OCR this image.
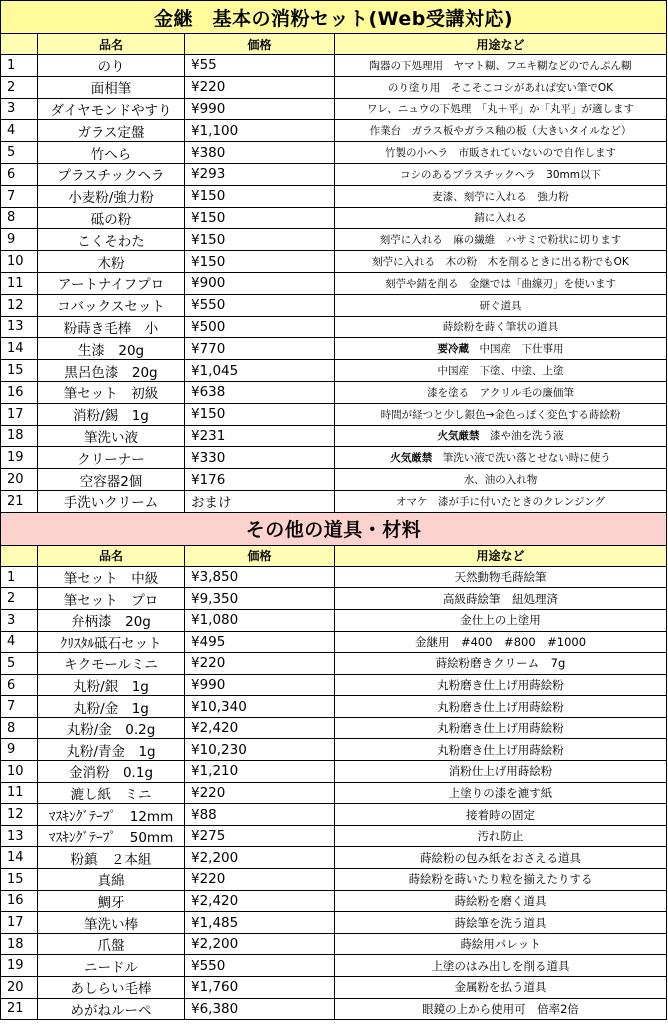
金継　基本の消粉セット(Web受講対応)			
	品名	価格	用途など
1	のり	¥55	陶器の下処理用　ヤマト糊、フエキ糊などのでんぷん糊
2	面相筆	¥220	のり塗り用　そこそこコシがあれば安い筆でOK
3	ダイヤモンドやすり	¥990	ワレ、ニュウの下処理　「丸＋平」か「丸平」が適します
4	ガラス定盤	¥1,100	作業台　ガラス板やガラス釉の板（大きいタイルなど）
5	竹へら	¥380	竹製の小ヘラ　市販されていないので自作します
6	プラスチックヘラ	¥293	コシのあるプラスチックヘラ　30mm以下
7	小麦粉/強力粉	¥150	麦漆、刻苧に入れる　強力粉
8	砥の粉	¥150	錆に入れる
9	こくそわた	¥150	刻苧に入れる　麻の繊維　ハサミで粉状に切ります
10	木粉	¥150	刻苧に入れる　木の粉　木を削るときに出る粉でもOK
11	アートナイフプロ	¥900	刻苧や錆を削る　金継では「曲線刃」を使います
12	コバックスセット	¥550	研ぐ道具
13	粉蒔き毛棒　小	¥500	蒔絵粉を蒔く筆状の道具
14	生漆　20g	¥770	要冷蔵　中国産　下仕事用
15	黒呂色漆　20g	¥1,045	中国産　下塗、中塗、上塗
16	筆セット　初級	¥638	漆を塗る　アクリル毛の廉価筆
17	消粉/錫　1g	¥150	時間が経つと少し銀色→金色っぽく変色する蒔絵粉
18	筆洗い液	¥231	火気厳禁　漆や油を洗う液
19	クリーナー	¥330	火気厳禁　筆洗い液で洗い落とせない時に使う
20	空容器2個	¥176	水、油の入れ物
21	手洗いクリーム	おまけ	オマケ　漆が手に付いたときのクレンジング
その他の道具・材料			
	品名	価格	用途など
1	筆セット　中級	¥3,850	天然動物毛蒔絵筆
2	筆セット　プロ	¥9,350	高級蒔絵筆　紐処理済
3	弁柄漆　20g	¥1,080	金仕上の上塗用
4	ｸﾘｽﾀﾙ砥石セット	¥495	金継用　#400　#800　#1000
5	キクモールミニ	¥220	蒔絵粉磨きクリーム　7g
6	丸粉/銀　1g	¥990	丸粉磨き仕上げ用蒔絵粉
7	丸粉/金　1g	¥10,340	丸粉磨き仕上げ用蒔絵粉
8	丸粉/金　0.2g	¥2,420	丸粉磨き仕上げ用蒔絵粉
9	丸粉/青金　1g	¥10,230	丸粉磨き仕上げ用蒔絵粉
10	金消粉　0.1g	¥1,210	消粉仕上げ用蒔絵粉
11	漉し紙　ミニ	¥220	上塗りの漆を漉す紙
12	ﾏｽｷﾝｸﾞﾃｰﾌﾟ　12mm	¥88	接着時の固定
13	ﾏｽｷﾝｸﾞﾃｰﾌﾟ　50mm	¥275	汚れ防止
14	粉鎮　２本組	¥2,200	蒔絵粉の包み紙をおさえる道具
15	真綿	¥220	蒔絵粉を蒔いたり粒を揃えたりする
16	鯛牙	¥2,420	蒔絵粉を磨く道具
17	筆洗い棒	¥1,485	蒔絵筆を洗う道具
18	爪盤	¥2,200	蒔絵用パレット
19	ニードル	¥550	上塗のはみ出しを削る道具
20	あしらい毛棒	¥1,760	金属粉を払う道具
21	めがねルーペ	¥6,380	眼鏡の上から使用可　倍率2倍
